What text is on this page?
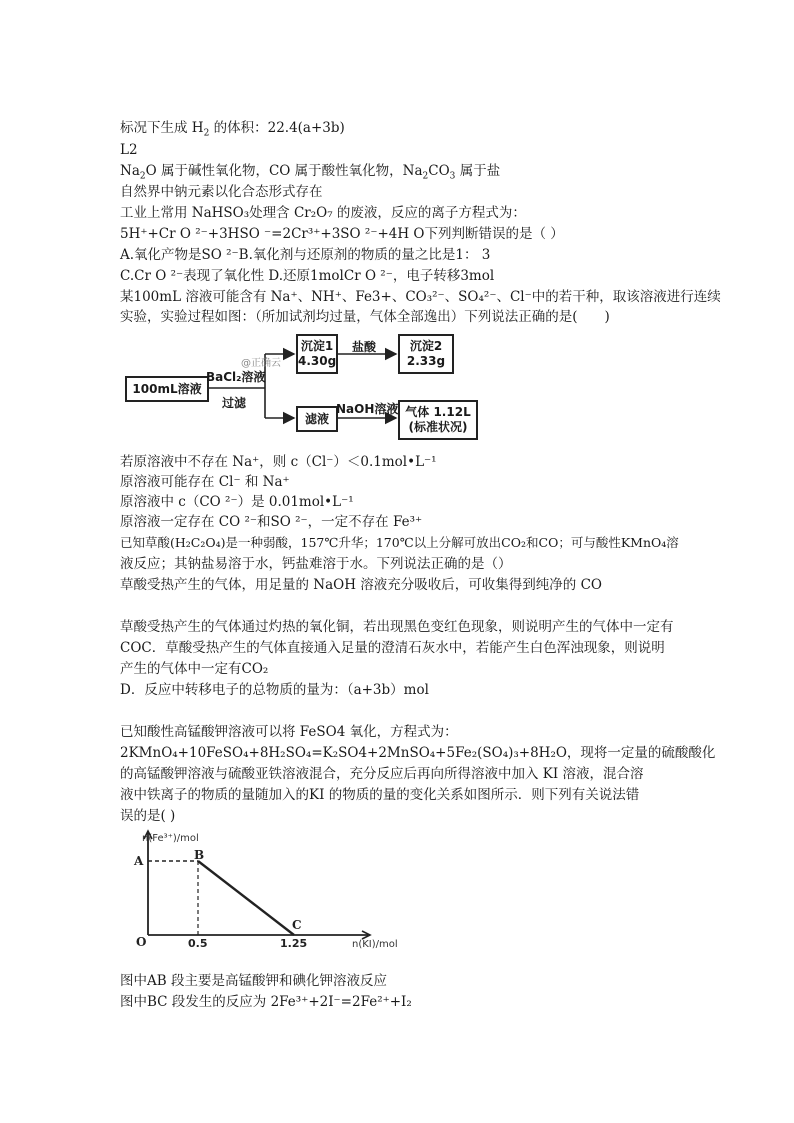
标况下生成 $H_2$ 的体积：22.4(a+3b)
L2
$Na_2O$ 属于碱性氧化物，CO 属于酸性氧化物，$Na_2CO_3$ 属于盐
自然界中钠元素以化合态形式存在
工业上常用 NaHSO₃处理含 Cr₂O₇ 的废液，反应的离子方程式为：
5H⁺+Cr O ²⁻+3HSO ⁻=2Cr³⁺+3SO ²⁻+4H O下列判断错误的是（ ）
A.氧化产物是SO ²⁻B.氧化剂与还原剂的物质的量之比是1： 3
C.Cr O ²⁻表现了氧化性 D.还原1molCr O ²⁻，电子转移3mol
某100mL 溶液可能含有 Na⁺、NH⁺、Fe3+、CO₃²⁻、SO₄²⁻、Cl⁻中的若干种，取该溶液进行连续
实验，实验过程如图：（所加试剂均过量，气体全部逸出）下列说法正确的是(　　)
100mL溶液
BaCl₂溶液
过滤
@正确云
沉淀1
4.30g
盐酸	沉淀2
2.33g
滤液
NaOH溶液 气体 1.12L
(标准状况)
若原溶液中不存在 Na⁺，则 c（Cl⁻）＜0.1mol•L⁻¹
原溶液可能存在 Cl⁻ 和 Na⁺
原溶液中 c（CO ²⁻）是 0.01mol•L⁻¹
原溶液一定存在 CO ²⁻和SO ²⁻，一定不存在 Fe³⁺
已知草酸(H₂C₂O₄)是一种弱酸，157℃升华；170℃以上分解可放出CO₂和CO；可与酸性KMnO₄溶
液反应；其钠盐易溶于水，钙盐难溶于水。下列说法正确的是（）
草酸受热产生的气体，用足量的 NaOH 溶液充分吸收后，可收集得到纯净的 CO
草酸受热产生的气体通过灼热的氧化铜，若出现黑色变红色现象，则说明产生的气体中一定有
COC．草酸受热产生的气体直接通入足量的澄清石灰水中，若能产生白色浑浊现象，则说明
产生的气体中一定有CO₂
D．反应中转移电子的总物质的量为：（a+3b）mol
已知酸性高锰酸钾溶液可以将 FeSO4 氧化，方程式为：
2KMnO₄+10FeSO₄+8H₂SO₄=K₂SO4+2MnSO₄+5Fe₂(SO₄)₃+8H₂O，现将一定量的硫酸酸化
的高锰酸钾溶液与硫酸亚铁溶液混合，充分反应后再向所得溶液中加入 KI 溶液，混合溶
液中铁离子的物质的量随加入的KI 的物质的量的变化关系如图所示．则下列有关说法错
误的是( )
n(Fe³⁺)/mol
n(KI)/mol
A	B
C
O	0.5	1.25
图中AB 段主要是高锰酸钾和碘化钾溶液反应
图中BC 段发生的反应为 2Fe³⁺+2I⁻=2Fe²⁺+I₂
